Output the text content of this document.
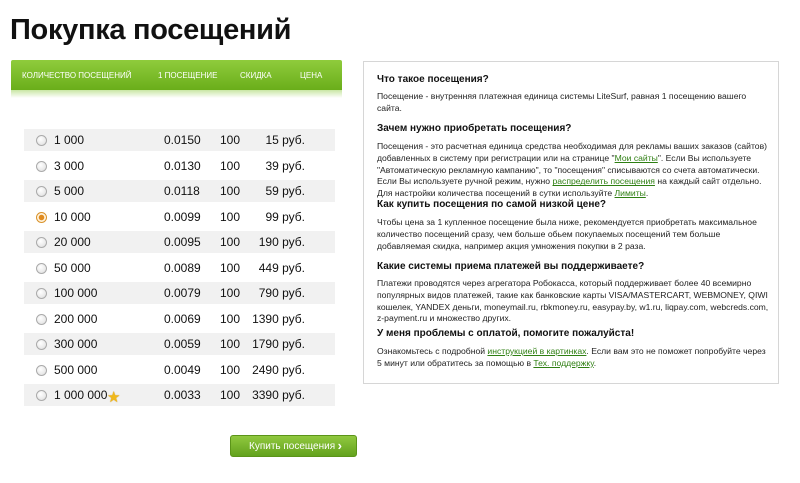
Покупка посещений
КОЛИЧЕСТВО ПОСЕЩЕНИЙ	1 ПОСЕЩЕНИЕ	СКИДКА	ЦЕНА
1 000	0.0150 100 15 руб.
3 000	0.0130 100 39 руб.
5 000	0.0118 100 59 руб.
10 000	0.0099 100 99 руб.
20 000	0.0095 100 190 руб.
50 000	0.0089 100 449 руб.
100 000	0.0079 100 790 руб.
200 000	0.0069 100 1390 руб.
300 000	0.0059 100 1790 руб.
500 000	0.0049 100 2490 руб.
1 000 000 ★	0.0033 100 3390 руб.
Купить посещения ›
Что такое посещения?
Посещение - внутренняя платежная единица системы LiteSurf, равная 1 посещению вашего сайта.
Зачем нужно приобретать посещения?
Посещения - это расчетная единица средства необходимая для рекламы ваших заказов (сайтов) добавленных в систему при регистрации или на странице "Мои сайты". Если Вы используете "Автоматическую рекламную кампанию", то "посещения" списываются со счета автоматически. Если Вы используете ручной режим, нужно распределить посещения на каждый сайт отдельно. Для настройки количества посещений в сутки используйте Лимиты.
Как купить посещения по самой низкой цене?
Чтобы цена за 1 купленное посещение была ниже, рекомендуется приобретать максимальное количество посещений сразу, чем больше обьем покупаемых посещений тем больше добавляемая скидка, например акция умножения покупки в 2 раза.
Какие системы приема платежей вы поддерживаете?
Платежи проводятся через агрегатора Робокасса, который поддерживает более 40 всемирно популярных видов платежей, такие как банковские карты VISA/MASTERCART, WEBMONEY, QIWI кошелек, YANDEX деньги, moneymail.ru, rbkmoney.ru, easypay.by, w1.ru, liqpay.com, webcreds.com, z-payment.ru и множество других.
У меня проблемы с оплатой, помогите пожалуйста!
Ознакомьтесь с подробной инструкцией в картинках. Если вам это не поможет попробуйте через 5 минут или обратитесь за помощью в Тех. поддержку.
